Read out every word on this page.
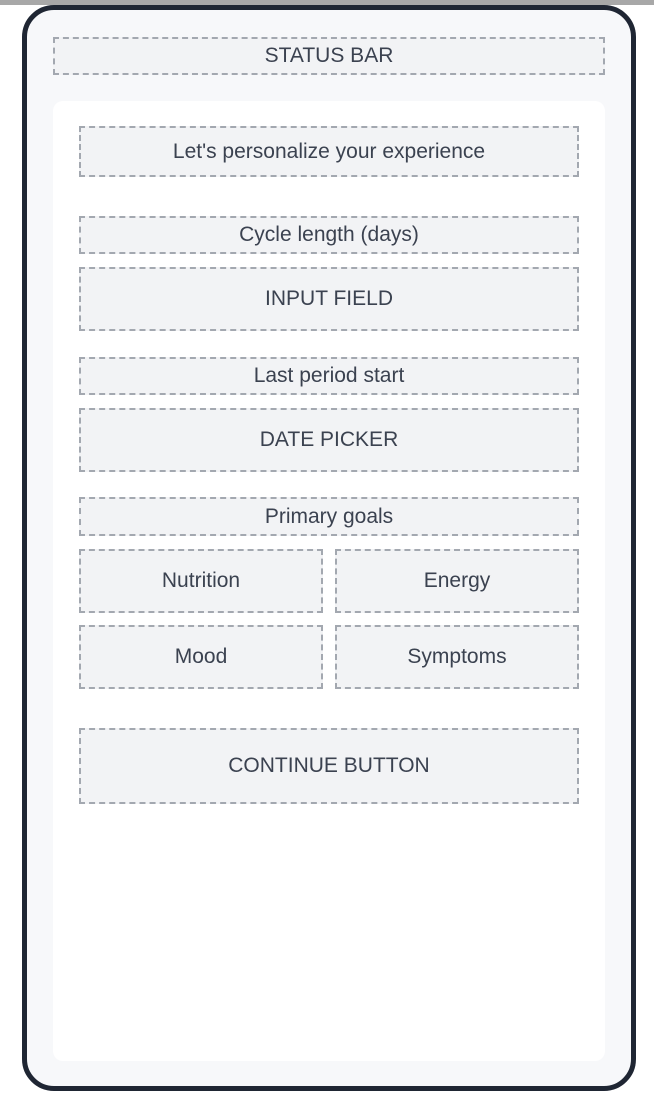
STATUS BAR
Let's personalize your experience
Cycle length (days)
INPUT FIELD
Last period start
DATE PICKER
Primary goals
Nutrition	Energy
Mood	Symptoms
CONTINUE BUTTON
